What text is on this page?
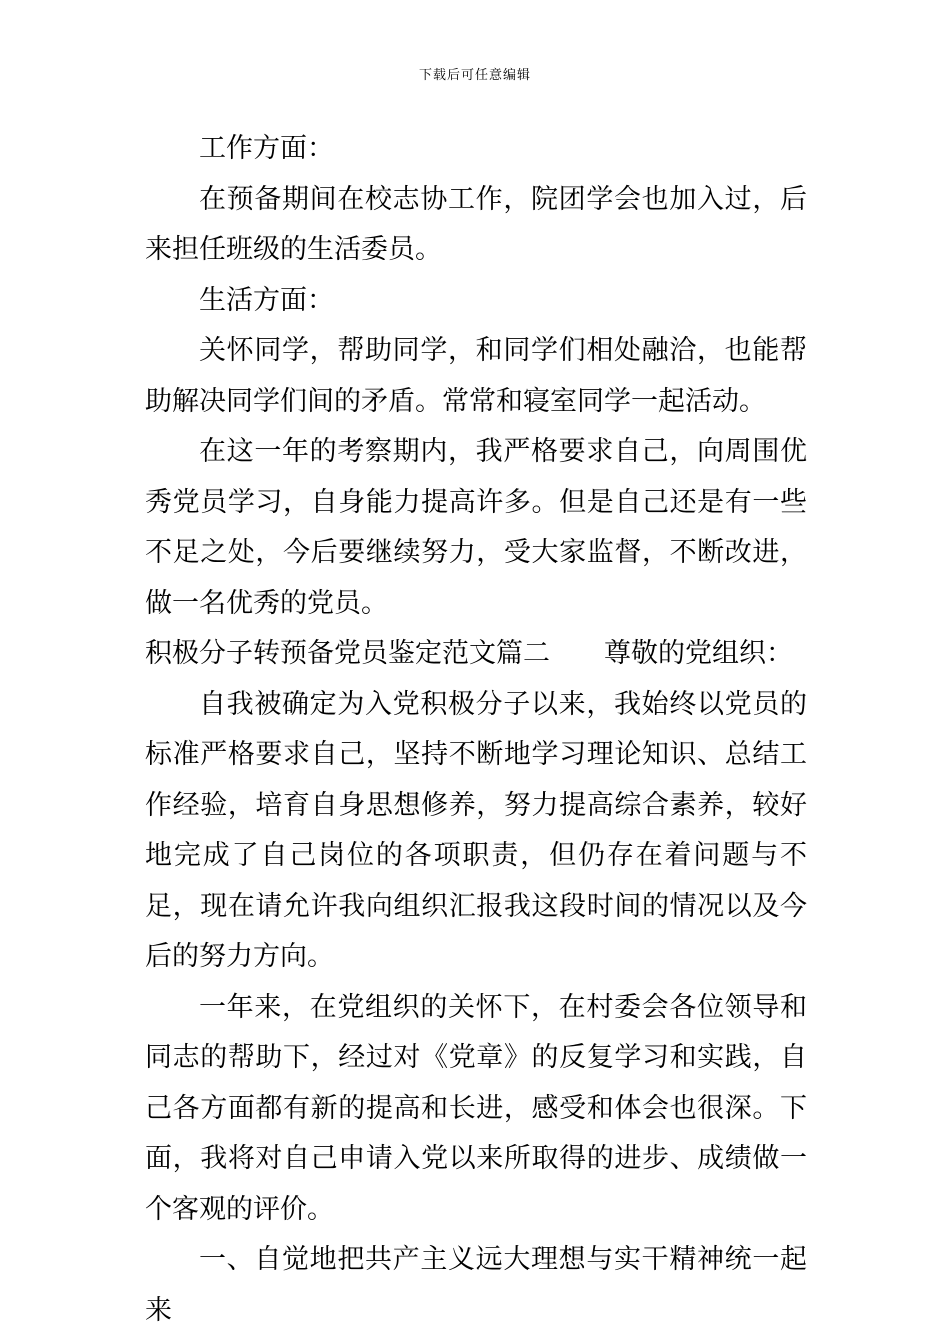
下载后可任意编辑

工作方面：

在预备期间在校志协工作，院团学会也加入过，后来担任班级的生活委员。

生活方面：

关怀同学，帮助同学，和同学们相处融洽，也能帮助解决同学们间的矛盾。常常和寝室同学一起活动。

在这一年的考察期内，我严格要求自己，向周围优秀党员学习，自身能力提高许多。但是自己还是有一些不足之处，今后要继续努力，受大家监督，不断改进，做一名优秀的党员。

积极分子转预备党员鉴定范文篇二 尊敬的党组织：

自我被确定为入党积极分子以来，我始终以党员的标准严格要求自己，坚持不断地学习理论知识、总结工作经验，培育自身思想修养，努力提高综合素养，较好地完成了自己岗位的各项职责，但仍存在着问题与不足，现在请允许我向组织汇报我这段时间的情况以及今后的努力方向。

一年来，在党组织的关怀下，在村委会各位领导和同志的帮助下，经过对《党章》的反复学习和实践，自己各方面都有新的提高和长进，感受和体会也很深。下面，我将对自己申请入党以来所取得的进步、成绩做一个客观的评价。

一、自觉地把共产主义远大理想与实干精神统一起来
